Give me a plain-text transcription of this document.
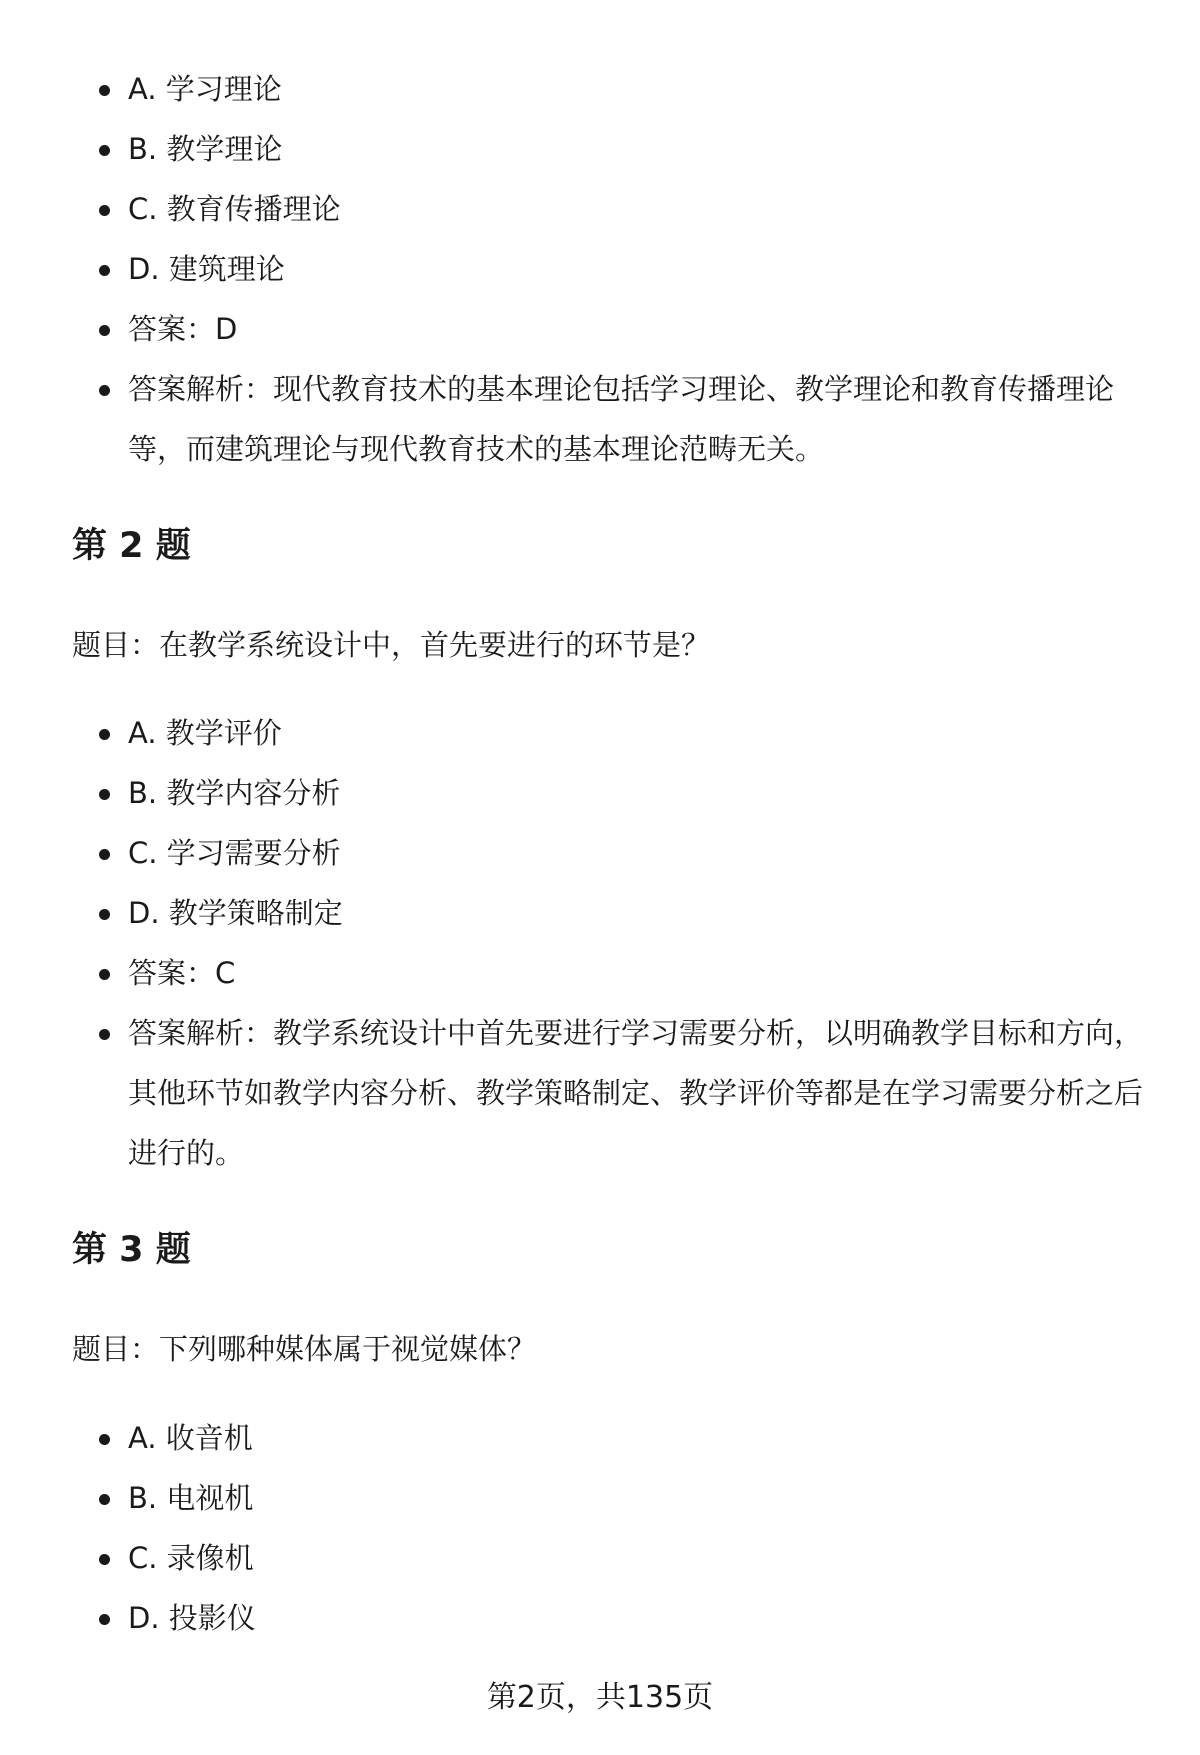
A. 学习理论
B. 教学理论
C. 教育传播理论
D. 建筑理论
答案：D
答案解析：现代教育技术的基本理论包括学习理论、教学理论和教育传播理论等，而建筑理论与现代教育技术的基本理论范畴无关。
第 2 题

题目：在教学系统设计中，首先要进行的环节是？

A. 教学评价
B. 教学内容分析
C. 学习需要分析
D. 教学策略制定
答案：C
答案解析：教学系统设计中首先要进行学习需要分析，以明确教学目标和方向，其他环节如教学内容分析、教学策略制定、教学评价等都是在学习需要分析之后进行的。
第 3 题

题目：下列哪种媒体属于视觉媒体？

A. 收音机
B. 电视机
C. 录像机
D. 投影仪
第2页，共135页
